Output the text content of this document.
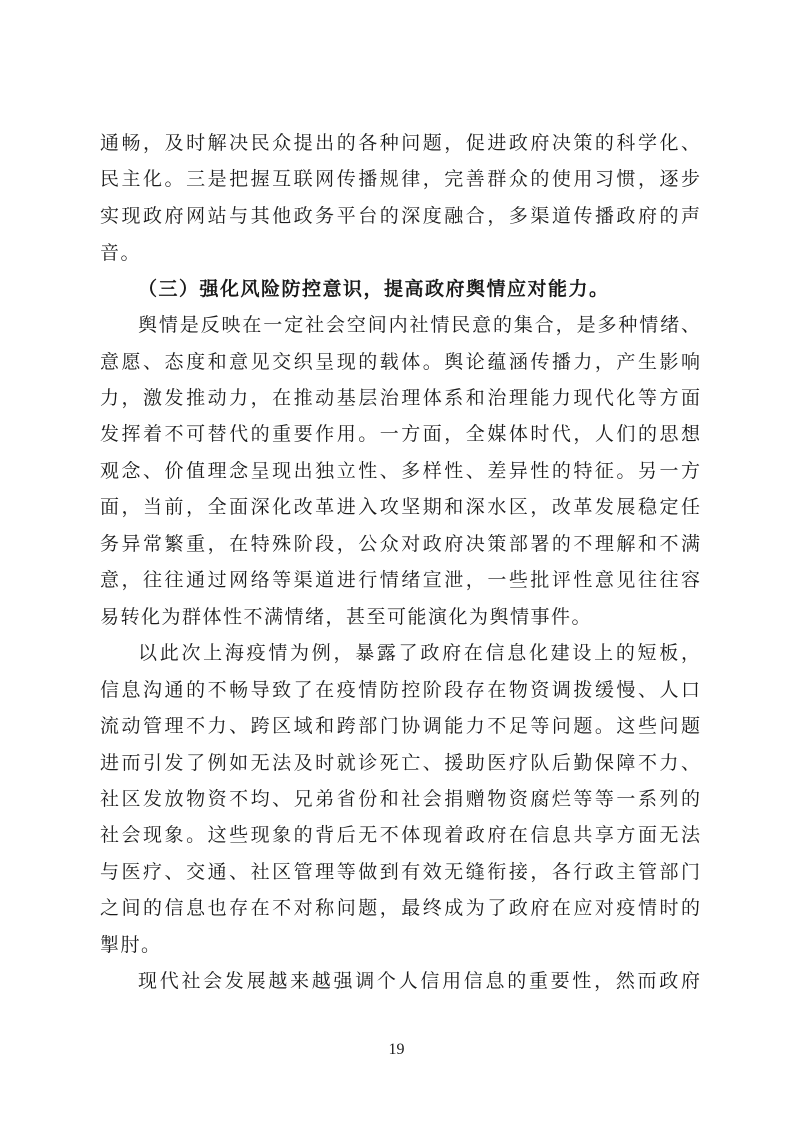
通畅，及时解决民众提出的各种问题，促进政府决策的科学化、

民主化。三是把握互联网传播规律，完善群众的使用习惯，逐步

实现政府网站与其他政务平台的深度融合，多渠道传播政府的声

音。

（三）强化风险防控意识，提高政府舆情应对能力。

舆情是反映在一定社会空间内社情民意的集合，是多种情绪、

意愿、态度和意见交织呈现的载体。舆论蕴涵传播力，产生影响

力，激发推动力，在推动基层治理体系和治理能力现代化等方面

发挥着不可替代的重要作用。一方面，全媒体时代，人们的思想

观念、价值理念呈现出独立性、多样性、差异性的特征。另一方

面，当前，全面深化改革进入攻坚期和深水区，改革发展稳定任

务异常繁重，在特殊阶段，公众对政府决策部署的不理解和不满

意，往往通过网络等渠道进行情绪宣泄，一些批评性意见往往容

易转化为群体性不满情绪，甚至可能演化为舆情事件。

以此次上海疫情为例，暴露了政府在信息化建设上的短板，

信息沟通的不畅导致了在疫情防控阶段存在物资调拨缓慢、人口

流动管理不力、跨区域和跨部门协调能力不足等问题。这些问题

进而引发了例如无法及时就诊死亡、援助医疗队后勤保障不力、

社区发放物资不均、兄弟省份和社会捐赠物资腐烂等等一系列的

社会现象。这些现象的背后无不体现着政府在信息共享方面无法

与医疗、交通、社区管理等做到有效无缝衔接，各行政主管部门

之间的信息也存在不对称问题，最终成为了政府在应对疫情时的

掣肘。

现代社会发展越来越强调个人信用信息的重要性，然而政府

19
